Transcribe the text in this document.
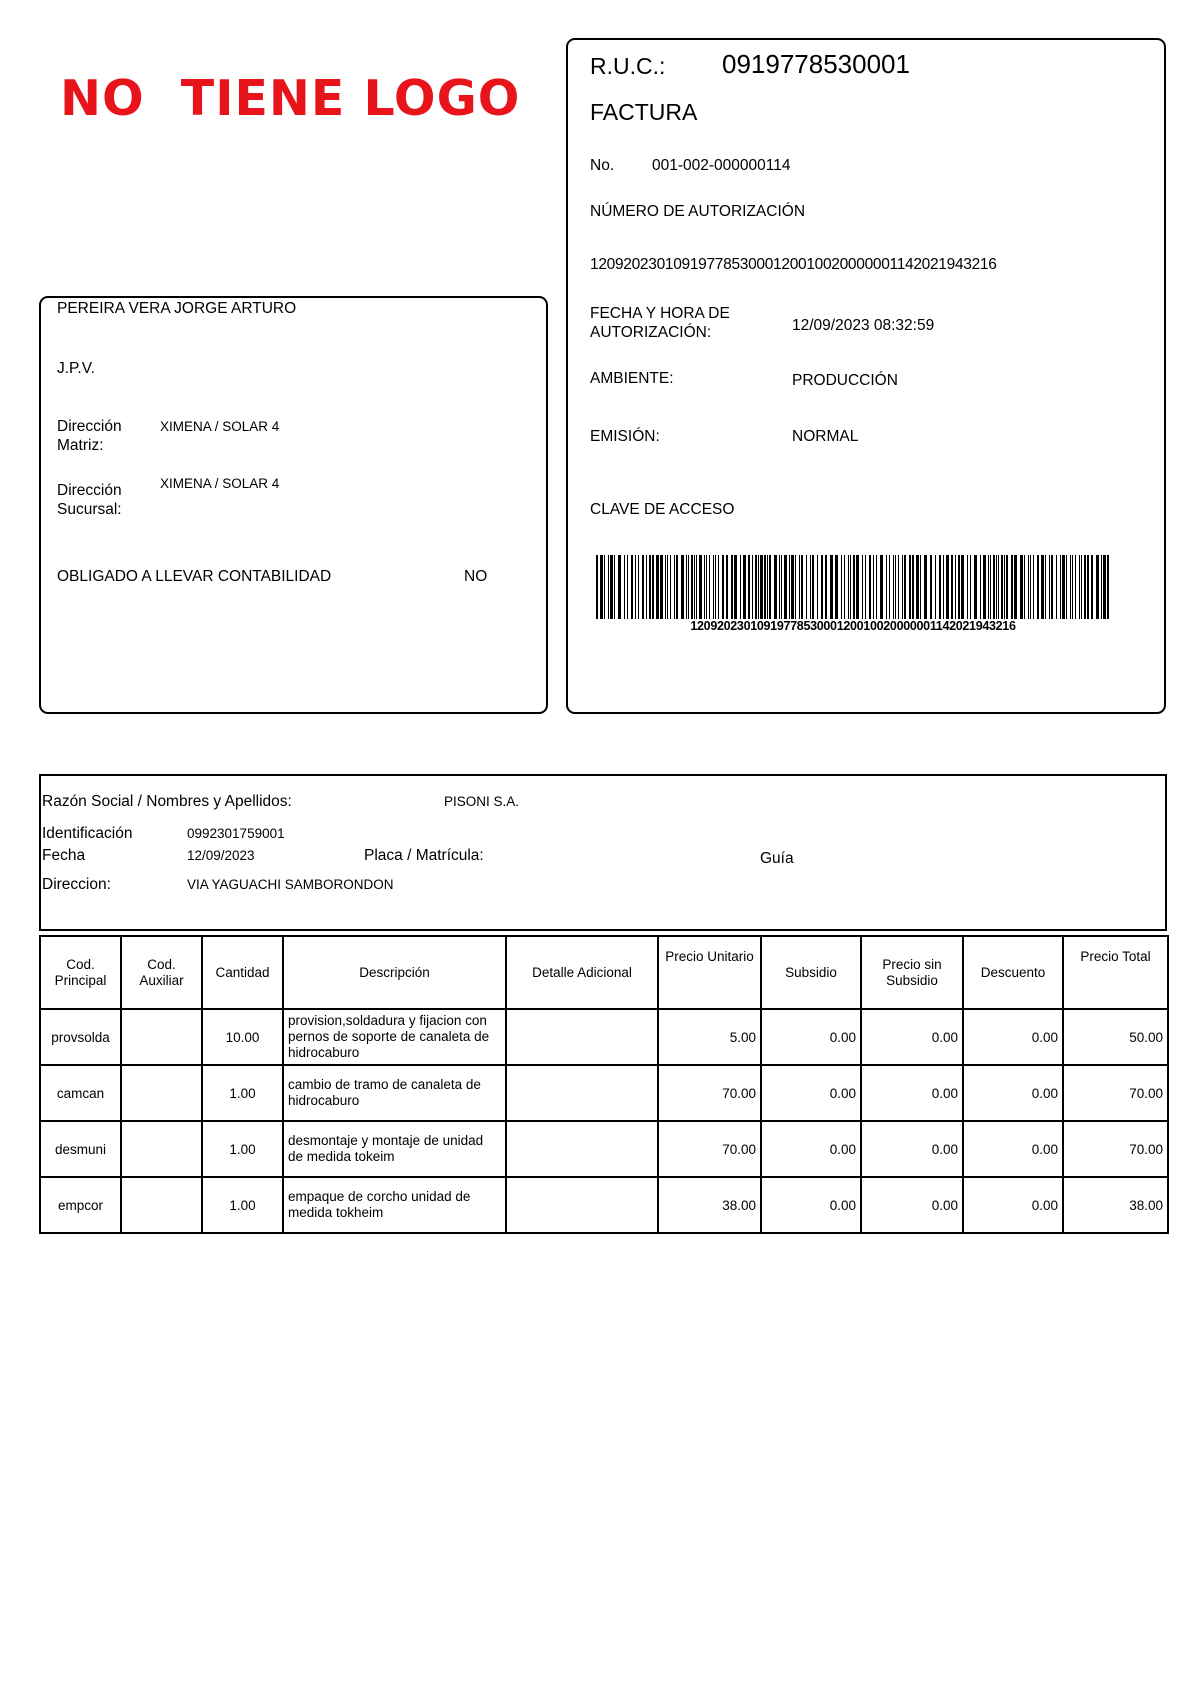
NO  TIENE LOGO
PEREIRA VERA JORGE ARTURO
J.P.V.
Dirección Matriz:
XIMENA / SOLAR 4
Dirección Sucursal:
XIMENA / SOLAR 4
OBLIGADO A LLEVAR CONTABILIDAD	NO
R.U.C.: 0919778530001
FACTURA
No. 001-002-000000114
NÚMERO DE AUTORIZACIÓN
1209202301091977853000120010020000001142021943216
FECHA Y HORA DE AUTORIZACIÓN:	12/09/2023 08:32:59
AMBIENTE:	PRODUCCIÓN
EMISIÓN:	NORMAL
CLAVE DE ACCESO
1209202301091977853000120010020000001142021943216
Razón Social / Nombres y Apellidos:	PISONI S.A.
Identificación	0992301759001
Fecha	12/09/2023	Placa / Matrícula:	Guía
Direccion:	VIA YAGUACHI SAMBORONDON
Cod. Principal	Cod. Auxiliar	Cantidad	Descripción	Detalle Adicional	Precio Unitario	Subsidio	Precio sin Subsidio	Descuento	Precio Total
provsolda		10.00	provision,soldadura y fijacion con pernos de soporte de canaleta de hidrocaburo		5.00	0.00	0.00	0.00	50.00
camcan		1.00	cambio de tramo de canaleta de hidrocaburo		70.00	0.00	0.00	0.00	70.00
desmuni		1.00	desmontaje y montaje de unidad de medida tokeim		70.00	0.00	0.00	0.00	70.00
empcor		1.00	empaque de corcho unidad de medida tokheim		38.00	0.00	0.00	0.00	38.00
